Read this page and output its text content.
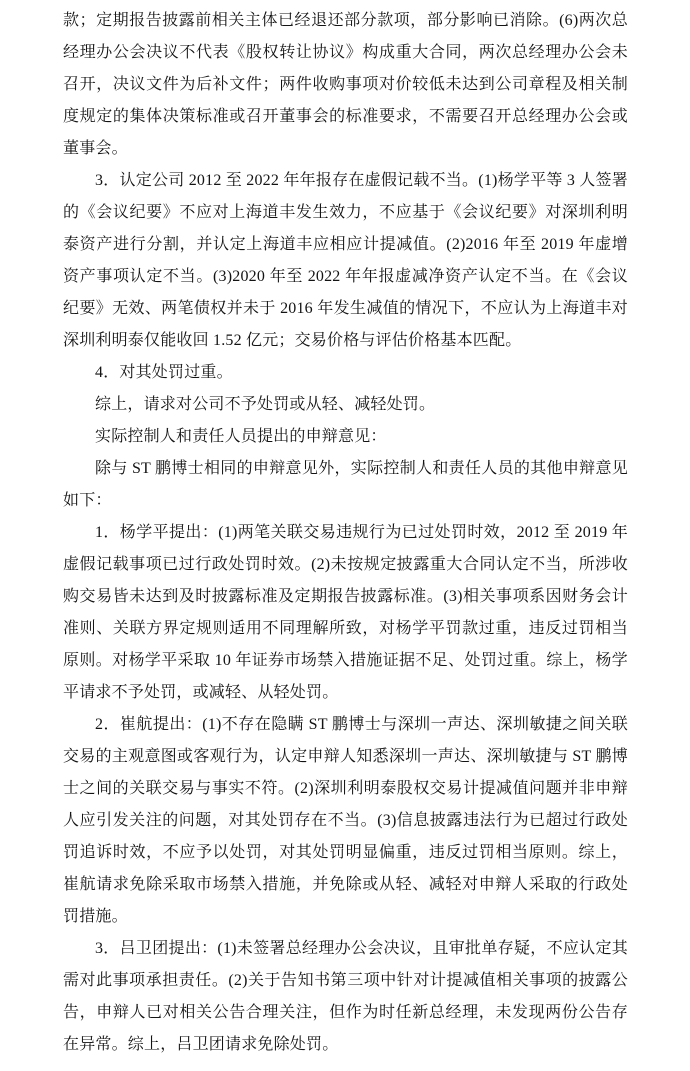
款；定期报告披露前相关主体已经退还部分款项，部分影响已消除。(6)两次总经理办公会决议不代表《股权转让协议》构成重大合同，两次总经理办公会未召开，决议文件为后补文件；两件收购事项对价较低未达到公司章程及相关制度规定的集体决策标准或召开董事会的标准要求，不需要召开总经理办公会或董事会。

3．认定公司 2012 至 2022 年年报存在虚假记载不当。(1)杨学平等 3 人签署的《会议纪要》不应对上海道丰发生效力，不应基于《会议纪要》对深圳利明泰资产进行分割，并认定上海道丰应相应计提减值。(2)2016 年至 2019 年虚增资产事项认定不当。(3)2020 年至 2022 年年报虚减净资产认定不当。在《会议纪要》无效、两笔债权并未于 2016 年发生减值的情况下，不应认为上海道丰对深圳利明泰仅能收回 1.52 亿元；交易价格与评估价格基本匹配。

4．对其处罚过重。

综上，请求对公司不予处罚或从轻、减轻处罚。

实际控制人和责任人员提出的申辩意见：

除与 ST 鹏博士相同的申辩意见外，实际控制人和责任人员的其他申辩意见如下：

1．杨学平提出：(1)两笔关联交易违规行为已过处罚时效，2012 至 2019 年虚假记载事项已过行政处罚时效。(2)未按规定披露重大合同认定不当，所涉收购交易皆未达到及时披露标准及定期报告披露标准。(3)相关事项系因财务会计准则、关联方界定规则适用不同理解所致，对杨学平罚款过重，违反过罚相当原则。对杨学平采取 10 年证券市场禁入措施证据不足、处罚过重。综上，杨学平请求不予处罚，或减轻、从轻处罚。

2．崔航提出：(1)不存在隐瞒 ST 鹏博士与深圳一声达、深圳敏捷之间关联交易的主观意图或客观行为，认定申辩人知悉深圳一声达、深圳敏捷与 ST 鹏博士之间的关联交易与事实不符。(2)深圳利明泰股权交易计提减值问题并非申辩人应引发关注的问题，对其处罚存在不当。(3)信息披露违法行为已超过行政处罚追诉时效，不应予以处罚，对其处罚明显偏重，违反过罚相当原则。综上，崔航请求免除采取市场禁入措施，并免除或从轻、减轻对申辩人采取的行政处罚措施。

3．吕卫团提出：(1)未签署总经理办公会决议，且审批单存疑，不应认定其需对此事项承担责任。(2)关于告知书第三项中针对计提减值相关事项的披露公告，申辩人已对相关公告合理关注，但作为时任新总经理，未发现两份公告存在异常。综上，吕卫团请求免除处罚。
